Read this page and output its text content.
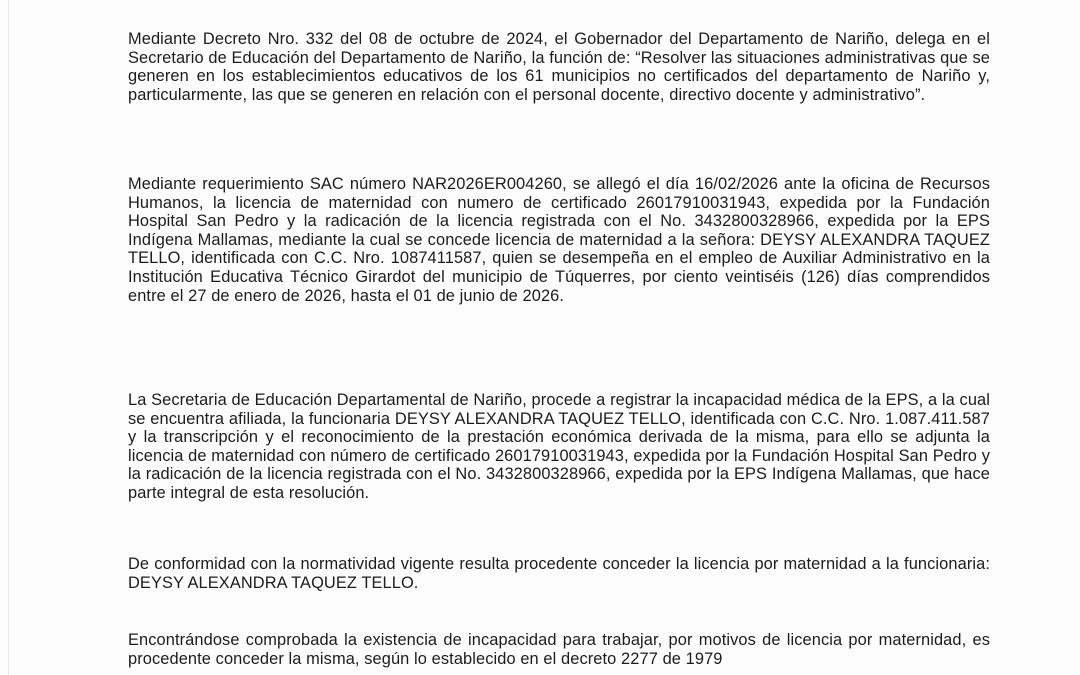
Mediante Decreto Nro. 332 del 08 de octubre de 2024, el Gobernador del Departamento de Nariño, delega en el Secretario de Educación del Departamento de Nariño, la función de: “Resolver las situaciones administrativas que se generen en los establecimientos educativos de los 61 municipios no certificados del departamento de Nariño y, particularmente, las que se generen en relación con el personal docente, directivo docente y administrativo”.

Mediante requerimiento SAC número NAR2026ER004260, se allegó el día 16/02/2026 ante la oficina de Recursos Humanos, la licencia de maternidad con numero de certificado 26017910031943, expedida por la Fundación Hospital San Pedro y la radicación de la licencia registrada con el No. 3432800328966, expedida por la EPS Indígena Mallamas, mediante la cual se concede licencia de maternidad a la señora: DEYSY ALEXANDRA TAQUEZ TELLO, identificada con C.C. Nro. 1087411587, quien se desempeña en el empleo de Auxiliar Administrativo en la Institución Educativa Técnico Girardot del municipio de Túquerres, por ciento veintiséis (126) días comprendidos entre el 27 de enero de 2026, hasta el 01 de junio de 2026.

La Secretaria de Educación Departamental de Nariño, procede a registrar la incapacidad médica de la EPS, a la cual se encuentra afiliada, la funcionaria DEYSY ALEXANDRA TAQUEZ TELLO, identificada con C.C. Nro. 1.087.411.587 y la transcripción y el reconocimiento de la prestación económica derivada de la misma, para ello se adjunta la licencia de maternidad con número de certificado 26017910031943, expedida por la Fundación Hospital San Pedro y la radicación de la licencia registrada con el No. 3432800328966, expedida por la EPS Indígena Mallamas, que hace parte integral de esta resolución.

De conformidad con la normatividad vigente resulta procedente conceder la licencia por maternidad a la funcionaria: DEYSY ALEXANDRA TAQUEZ TELLO.

Encontrándose comprobada la existencia de incapacidad para trabajar, por motivos de licencia por maternidad, es procedente conceder la misma, según lo establecido en el decreto 2277 de 1979
